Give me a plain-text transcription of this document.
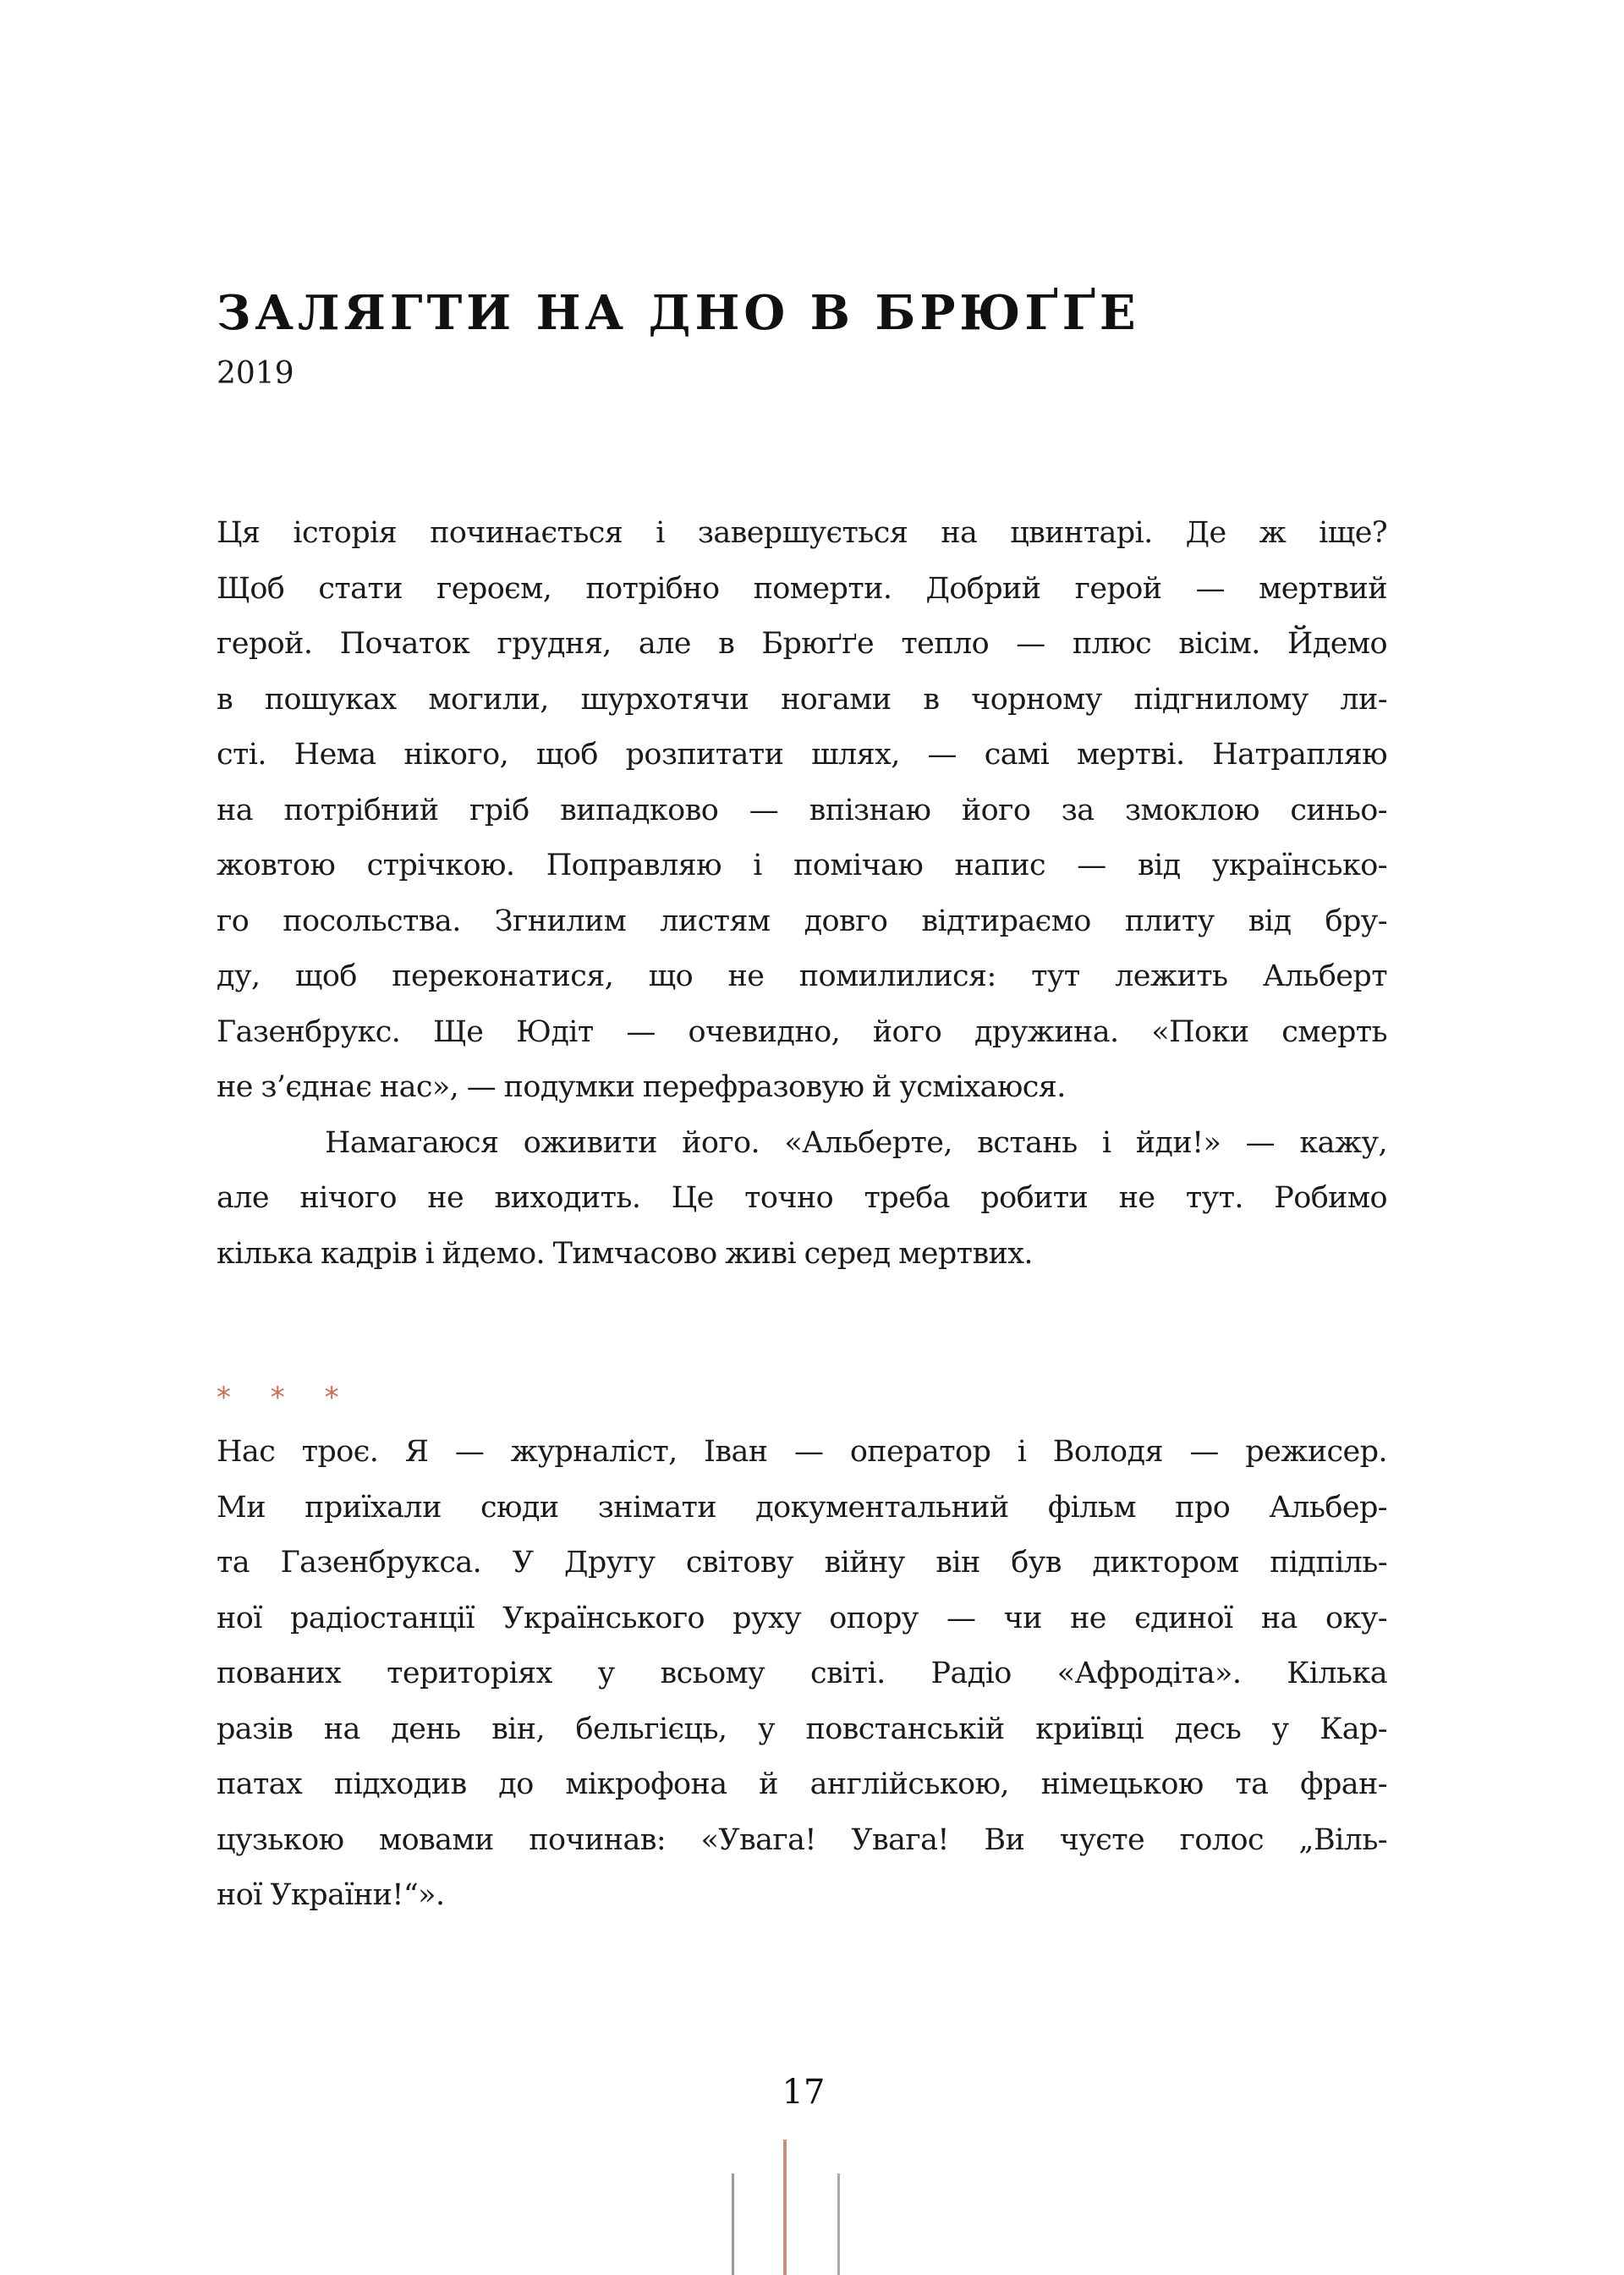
ЗАЛЯГТИ НА ДНО В БРЮҐҐЕ
2019
Ця історія починається і завершується на цвинтарі. Де ж іще?
Щоб стати героєм, потрібно померти. Добрий герой — мертвий
герой. Початок грудня, але в Брюґґе тепло — плюс вісім. Йдемо
в пошуках могили, шурхотячи ногами в чорному підгнилому ли-
сті. Нема нікого, щоб розпитати шлях, — самі мертві. Натрапляю
на потрібний гріб випадково — впізнаю його за змоклою синьо-
жовтою стрічкою. Поправляю і помічаю напис — від українсько-
го посольства. Згнилим листям довго відтираємо плиту від бру-
ду, щоб переконатися, що не помилилися: тут лежить Альберт
Газенбрукс. Ще Юдіт — очевидно, його дружина. «Поки смерть
не з’єднає нас», — подумки перефразовую й усміхаюся.
Намагаюся оживити його. «Альберте, встань і йди!» — кажу,
але нічого не виходить. Це точно треба робити не тут. Робимо
кілька кадрів і йдемо. Тимчасово живі серед мертвих.
* * *
Нас троє. Я — журналіст, Іван — оператор і Володя — режисер.
Ми приїхали сюди знімати документальний фільм про Альбер-
та Газенбрукса. У Другу світову війну він був диктором підпіль-
ної радіостанції Українського руху опору — чи не єдиної на оку-
пованих територіях у всьому світі. Радіо «Афродіта». Кілька
разів на день він, бельгієць, у повстанській криївці десь у Кар-
патах підходив до мікрофона й англійською, німецькою та фран-
цузькою мовами починав: «Увага! Увага! Ви чуєте голос „Віль-
ної України!“».
17
